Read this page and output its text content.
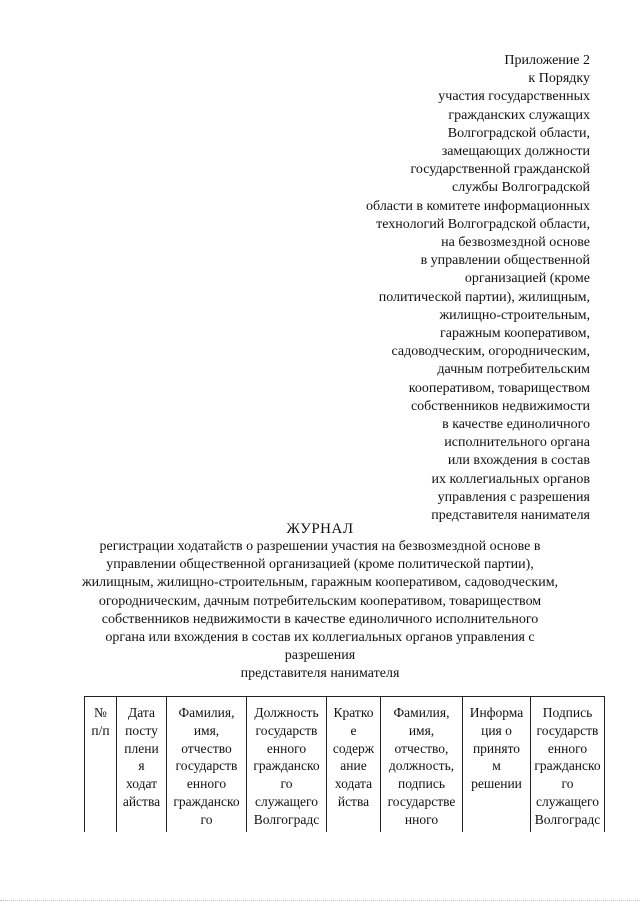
Приложение 2
к Порядку
участия государственных
гражданских служащих
Волгоградской области,
замещающих должности
государственной гражданской
службы Волгоградской
области в комитете информационных
технологий Волгоградской области,
на безвозмездной основе
в управлении общественной
организацией (кроме
политической партии), жилищным,
жилищно-строительным,
гаражным кооперативом,
садоводческим, огородническим,
дачным потребительским
кооперативом, товариществом
собственников недвижимости
в качестве единоличного
исполнительного органа
или вхождения в состав
их коллегиальных органов
управления с разрешения
представителя нанимателя
ЖУРНАЛ
регистрации ходатайств о разрешении участия на безвозмездной основе в
управлении общественной организацией (кроме политической партии),
жилищным, жилищно-строительным, гаражным кооперативом, садоводческим,
огородническим, дачным потребительским кооперативом, товариществом
собственников недвижимости в качестве единоличного исполнительного
органа или вхождения в состав их коллегиальных органов управления с
разрешения
представителя нанимателя
№
п/п

Дата
посту
плени
я
ходат
айства

Фамилия,
имя,
отчество
государств
енного
гражданско
го

Должность
государств
енного
гражданско
го
служащего
Волгоградс

Кратко
е
содерж
ание
ходата
йства

Фамилия,
имя,
отчество,
должность,
подпись
государстве
нного

Информа
ция о
принято
м
решении

Подпись
государств
енного
гражданско
го
служащего
Волгоградс
